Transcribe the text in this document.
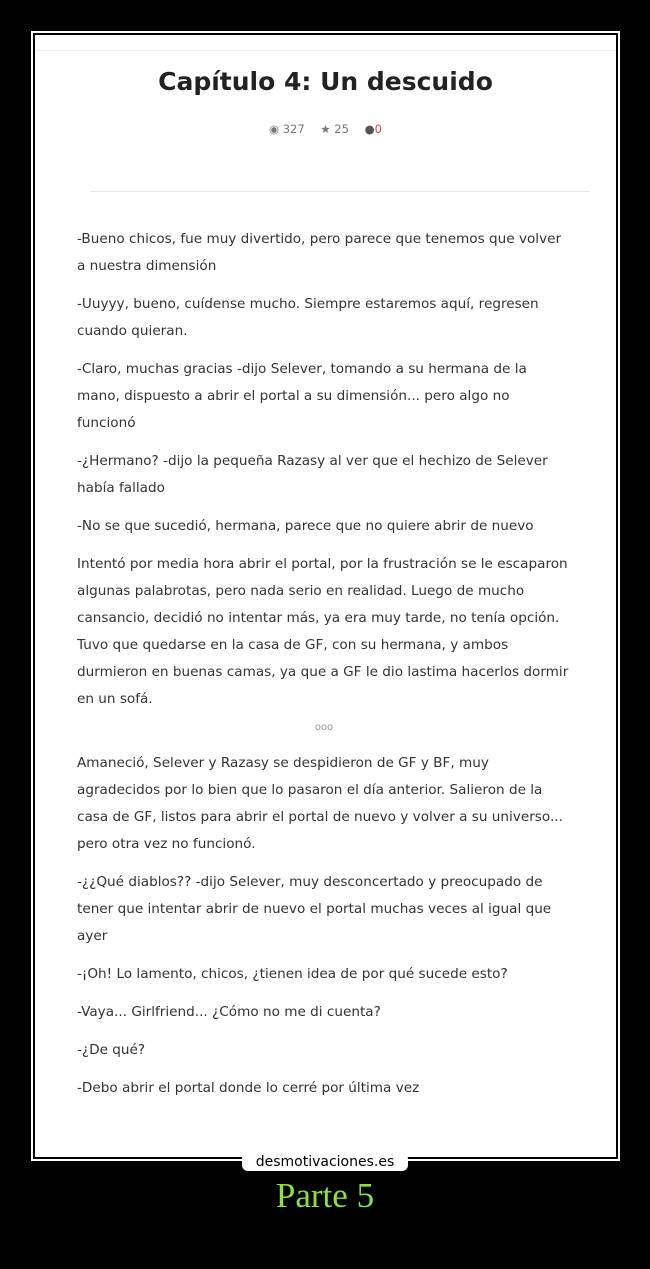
Capítulo 4: Un descuido
◉ 327 ★ 25 ●0

-Bueno chicos, fue muy divertido, pero parece que tenemos que volver a nuestra dimensión

-Uuyyy, bueno, cuídense mucho. Siempre estaremos aquí, regresen cuando quieran.

-Claro, muchas gracias -dijo Selever, tomando a su hermana de la mano, dispuesto a abrir el portal a su dimensión... pero algo no funcionó

-¿Hermano? -dijo la pequeña Razasy al ver que el hechizo de Selever había fallado

-No se que sucedió, hermana, parece que no quiere abrir de nuevo

Intentó por media hora abrir el portal, por la frustración se le escaparon algunas palabrotas, pero nada serio en realidad. Luego de mucho cansancio, decidió no intentar más, ya era muy tarde, no tenía opción. Tuvo que quedarse en la casa de GF, con su hermana, y ambos durmieron en buenas camas, ya que a GF le dio lastima hacerlos dormir en un sofá.

ooo

Amaneció, Selever y Razasy se despidieron de GF y BF, muy agradecidos por lo bien que lo pasaron el día anterior. Salieron de la casa de GF, listos para abrir el portal de nuevo y volver a su universo... pero otra vez no funcionó.

-¿¿Qué diablos?? -dijo Selever, muy desconcertado y preocupado de tener que intentar abrir de nuevo el portal muchas veces al igual que ayer

-¡Oh! Lo lamento, chicos, ¿tienen idea de por qué sucede esto?

-Vaya... Girlfriend... ¿Cómo no me di cuenta?

-¿De qué?

-Debo abrir el portal donde lo cerré por última vez

desmotivaciones.es
Parte 5
